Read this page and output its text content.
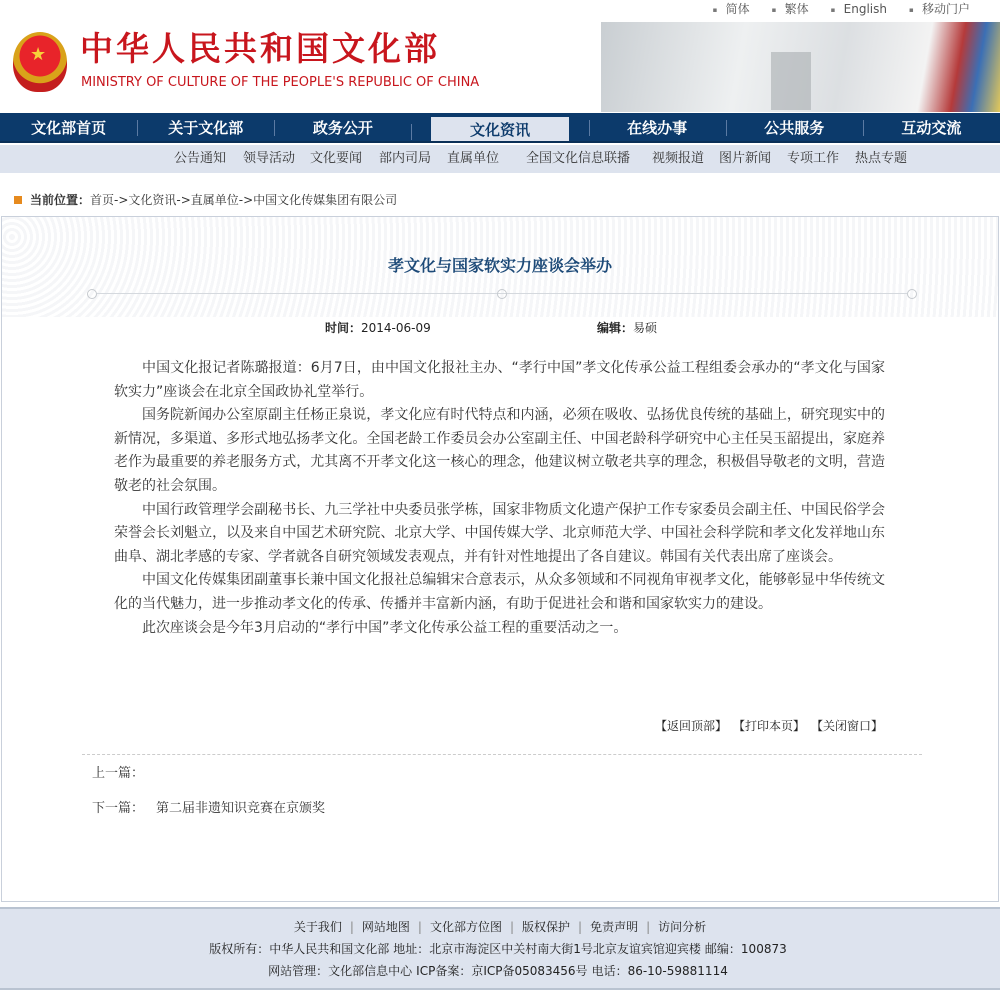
▪ 简体	▪ 繁体	▪ English	▪ 移动门户
★
中华人民共和国文化部
MINISTRY OF CULTURE OF THE PEOPLE'S REPUBLIC OF CHINA
文化部首页	关于文化部	政务公开	文化资讯	在线办事	公共服务	互动交流
公告通知 领导活动 文化要闻 部内司局 直属单位 全国文化信息联播 视频报道 图片新闻 专项工作 热点专题
当前位置：首页->文化资讯->直属单位->中国文化传媒集团有限公司
孝文化与国家软实力座谈会举办
时间：2014-06-09	编辑：易硕

中国文化报记者陈璐报道：6月7日，由中国文化报社主办、“孝行中国”孝文化传承公益工程组委会承办的“孝文化与国家软实力”座谈会在北京全国政协礼堂举行。

国务院新闻办公室原副主任杨正泉说，孝文化应有时代特点和内涵，必须在吸收、弘扬优良传统的基础上，研究现实中的新情况，多渠道、多形式地弘扬孝文化。全国老龄工作委员会办公室副主任、中国老龄科学研究中心主任吴玉韶提出，家庭养老作为最重要的养老服务方式，尤其离不开孝文化这一核心的理念，他建议树立敬老共享的理念，积极倡导敬老的文明，营造敬老的社会氛围。

中国行政管理学会副秘书长、九三学社中央委员张学栋，国家非物质文化遗产保护工作专家委员会副主任、中国民俗学会荣誉会长刘魁立，以及来自中国艺术研究院、北京大学、中国传媒大学、北京师范大学、中国社会科学院和孝文化发祥地山东曲阜、湖北孝感的专家、学者就各自研究领域发表观点，并有针对性地提出了各自建议。韩国有关代表出席了座谈会。

中国文化传媒集团副董事长兼中国文化报社总编辑宋合意表示，从众多领域和不同视角审视孝文化，能够彰显中华传统文化的当代魅力，进一步推动孝文化的传承、传播并丰富新内涵，有助于促进社会和谐和国家软实力的建设。

此次座谈会是今年3月启动的“孝行中国”孝文化传承公益工程的重要活动之一。

【返回顶部】 【打印本页】 【关闭窗口】
上一篇：
下一篇： 第二届非遗知识竞赛在京颁奖
关于我们 | 网站地图 | 文化部方位图 | 版权保护 | 免责声明 | 访问分析
版权所有：中华人民共和国文化部 地址：北京市海淀区中关村南大街1号北京友谊宾馆迎宾楼 邮编：100873
网站管理：文化部信息中心 ICP备案：京ICP备05083456号 电话：86-10-59881114
